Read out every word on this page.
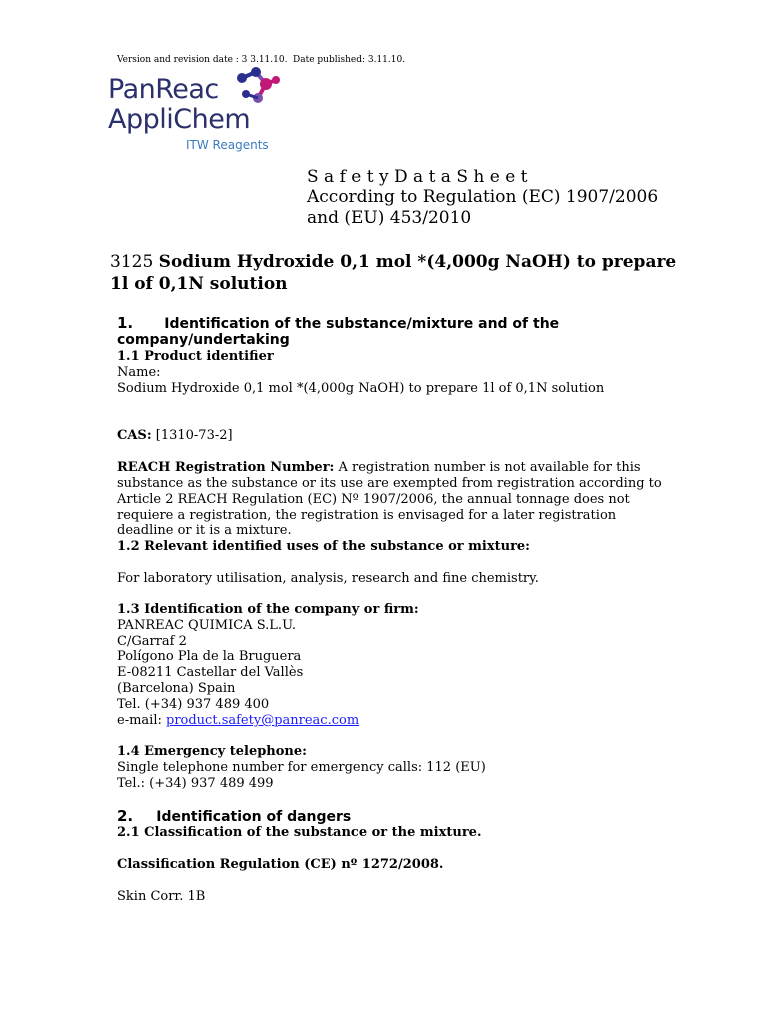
Version and revision date : 3 3.11.10. Date published: 3.11.10.
PanReac
AppliChem
ITW Reagents
S a f e t y D a t a S h e e t
According to Regulation (EC) 1907/2006
and (EU) 453/2010
3125 Sodium Hydroxide 0,1 mol *(4,000g NaOH) to prepare
1l of 0,1N solution
1. Identification of the substance/mixture and of the
company/undertaking
1.1 Product identifier
Name:
Sodium Hydroxide 0,1 mol *(4,000g NaOH) to prepare 1l of 0,1N solution
CAS: [1310-73-2]
REACH Registration Number: A registration number is not available for this
substance as the substance or its use are exempted from registration according to
Article 2 REACH Regulation (EC) Nº 1907/2006, the annual tonnage does not
requiere a registration, the registration is envisaged for a later registration
deadline or it is a mixture.
1.2 Relevant identified uses of the substance or mixture:
For laboratory utilisation, analysis, research and fine chemistry.
1.3 Identification of the company or firm:
PANREAC QUIMICA S.L.U.
C/Garraf 2
Polígono Pla de la Bruguera
E-08211 Castellar del Vallès
(Barcelona) Spain
Tel. (+34) 937 489 400
e-mail: product.safety@panreac.com
1.4 Emergency telephone:
Single telephone number for emergency calls: 112 (EU)
Tel.: (+34) 937 489 499
2. Identification of dangers
2.1 Classification of the substance or the mixture.
Classification Regulation (CE) nº 1272/2008.
Skin Corr. 1B
